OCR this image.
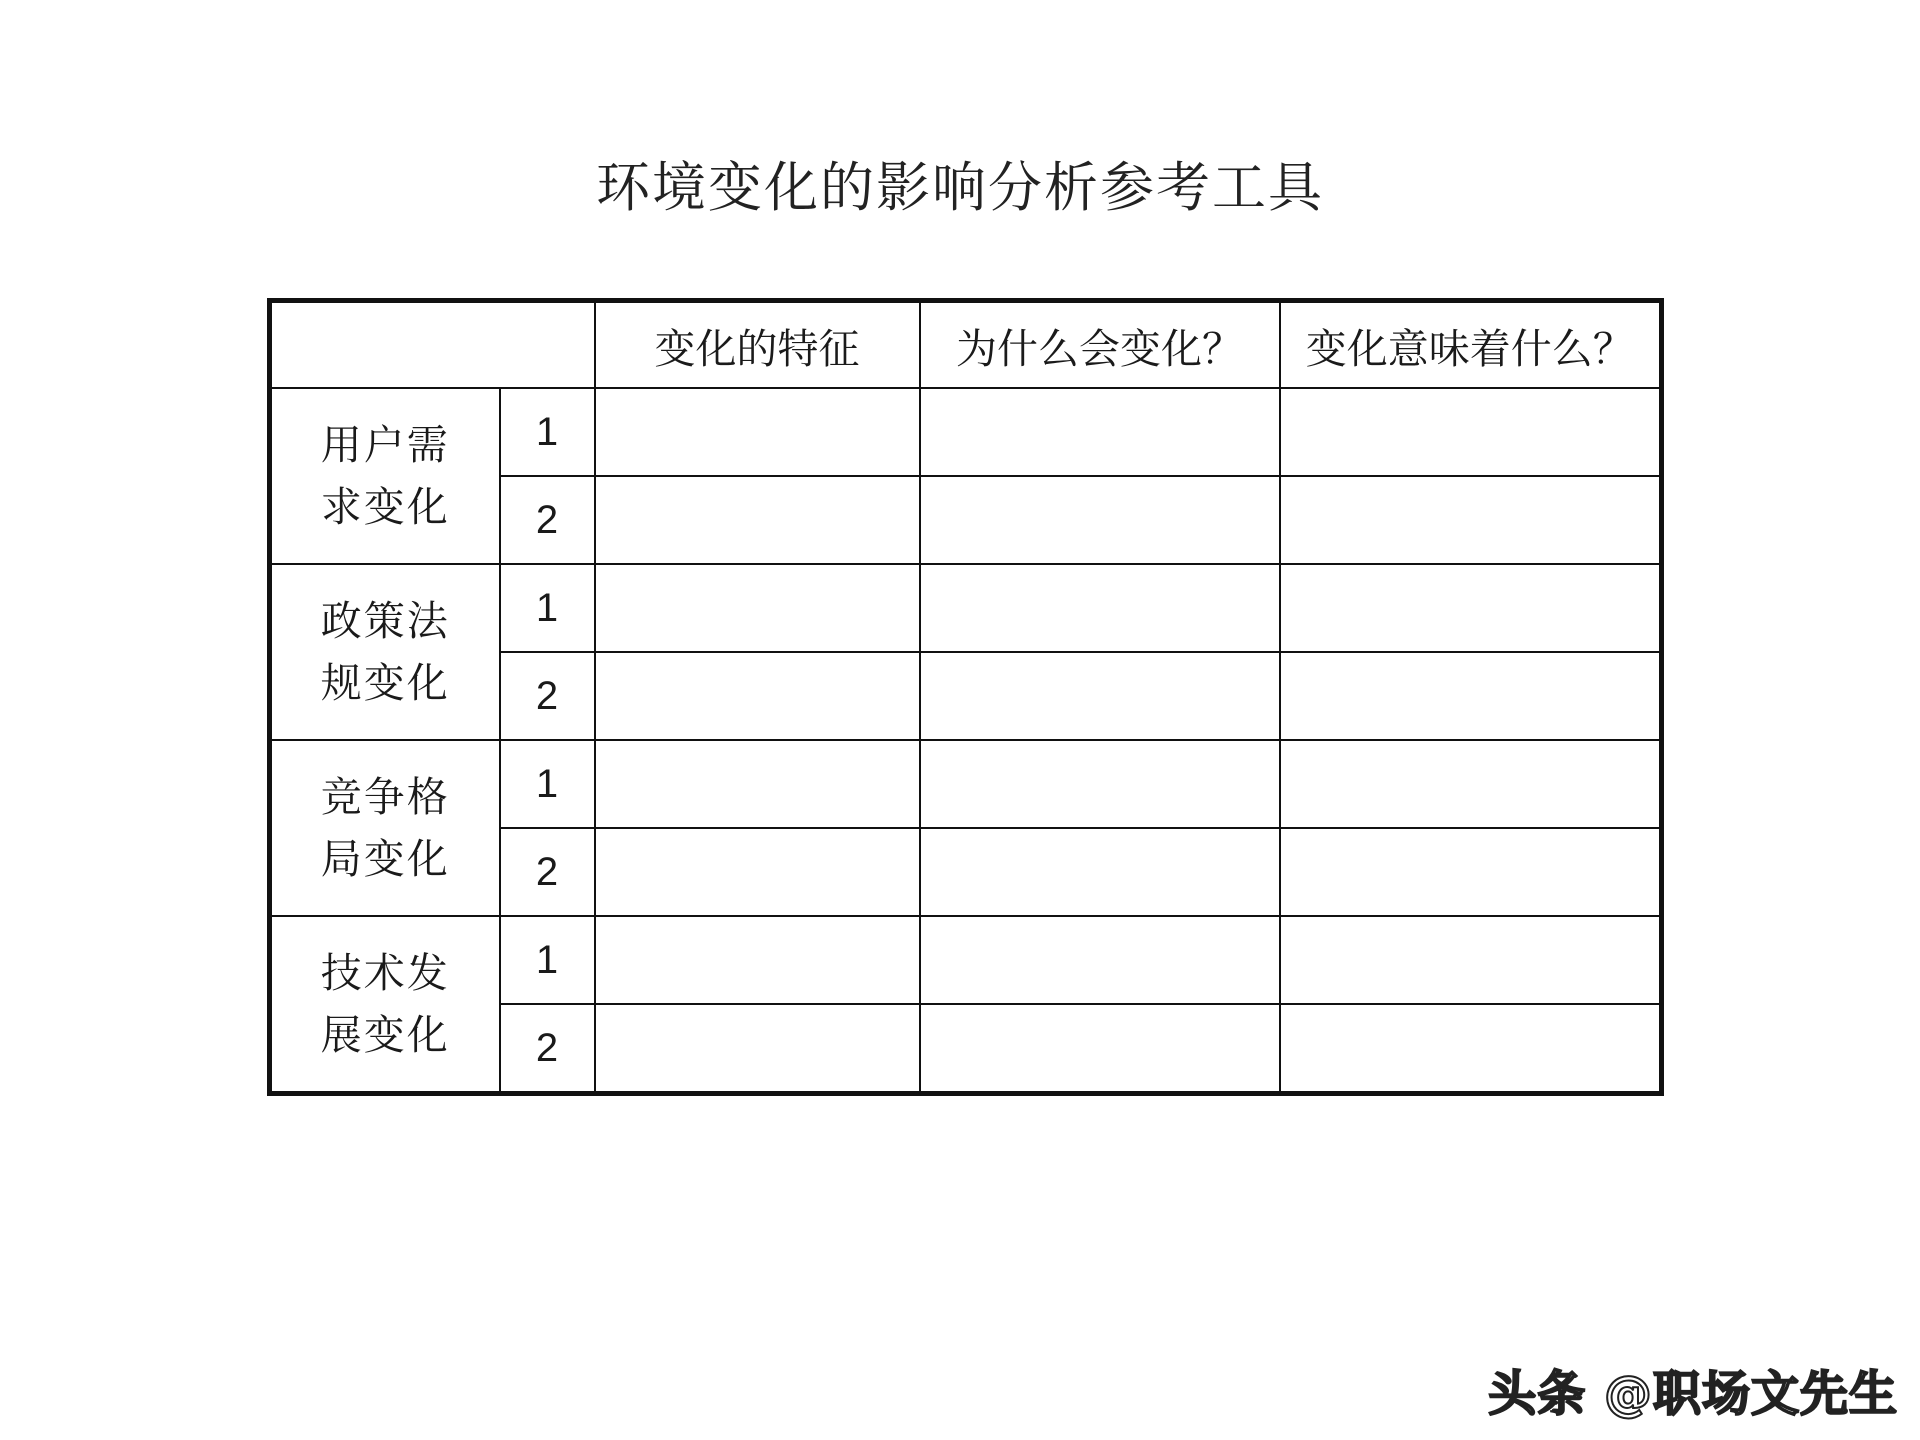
环境变化的影响分析参考工具
		变化的特征	为什么会变化？	变化意味着什么？

用户需
求变化	1			
	2			

政策法
规变化	1			
	2			

竞争格
局变化	1			
	2			

技术发
展变化	1			
	2			
头条 @职场文先生
